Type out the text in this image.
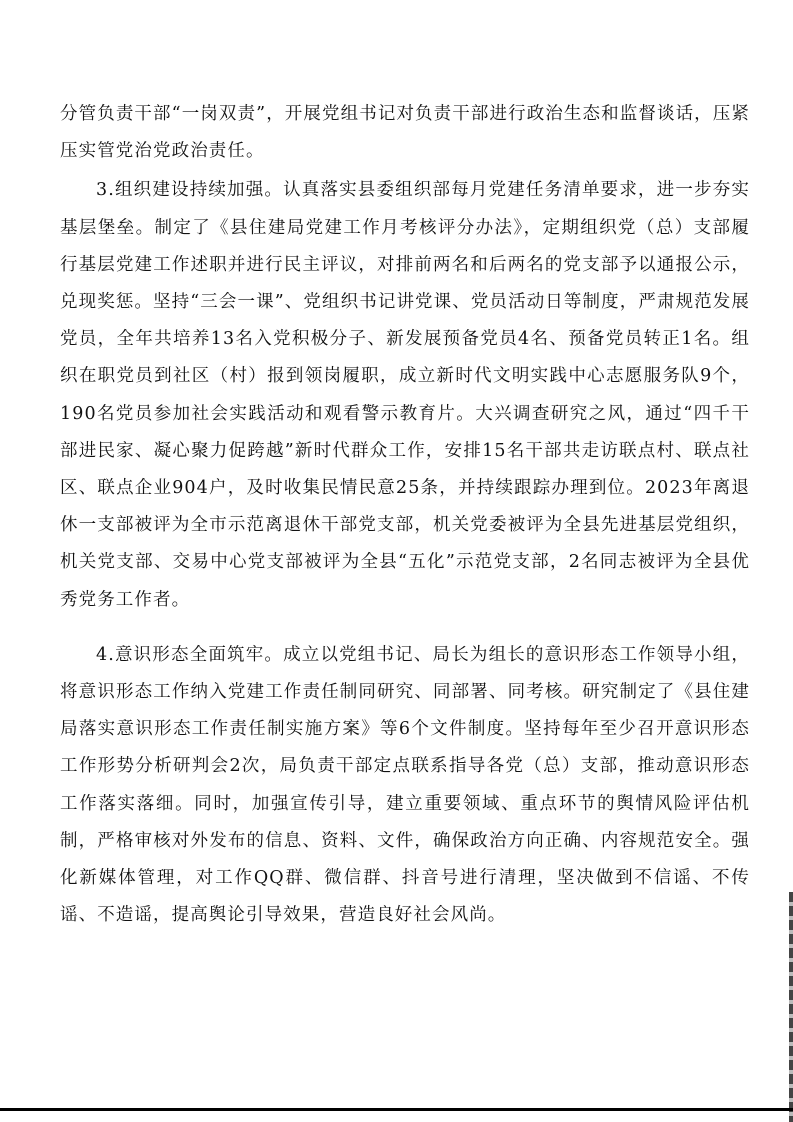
分管负责干部“一岗双责”，开展党组书记对负责干部进行政治生态和监督谈话，压紧压实管党治党政治责任。

3.组织建设持续加强。认真落实县委组织部每月党建任务清单要求，进一步夯实基层堡垒。制定了《县住建局党建工作月考核评分办法》，定期组织党（总）支部履行基层党建工作述职并进行民主评议，对排前两名和后两名的党支部予以通报公示，兑现奖惩。坚持“三会一课”、党组织书记讲党课、党员活动日等制度，严肃规范发展党员，全年共培养13名入党积极分子、新发展预备党员4名、预备党员转正1名。组织在职党员到社区（村）报到领岗履职，成立新时代文明实践中心志愿服务队9个，190名党员参加社会实践活动和观看警示教育片。大兴调查研究之风，通过“四千干部进民家、凝心聚力促跨越”新时代群众工作，安排15名干部共走访联点村、联点社区、联点企业904户，及时收集民情民意25条，并持续跟踪办理到位。2023年离退休一支部被评为全市示范离退休干部党支部，机关党委被评为全县先进基层党组织，机关党支部、交易中心党支部被评为全县“五化”示范党支部，2名同志被评为全县优秀党务工作者。

4.意识形态全面筑牢。成立以党组书记、局长为组长的意识形态工作领导小组，将意识形态工作纳入党建工作责任制同研究、同部署、同考核。研究制定了《县住建局落实意识形态工作责任制实施方案》等6个文件制度。坚持每年至少召开意识形态工作形势分析研判会2次，局负责干部定点联系指导各党（总）支部，推动意识形态工作落实落细。同时，加强宣传引导，建立重要领域、重点环节的舆情风险评估机制，严格审核对外发布的信息、资料、文件，确保政治方向正确、内容规范安全。强化新媒体管理，对工作QQ群、微信群、抖音号进行清理，坚决做到不信谣、不传谣、不造谣，提高舆论引导效果，营造良好社会风尚。
